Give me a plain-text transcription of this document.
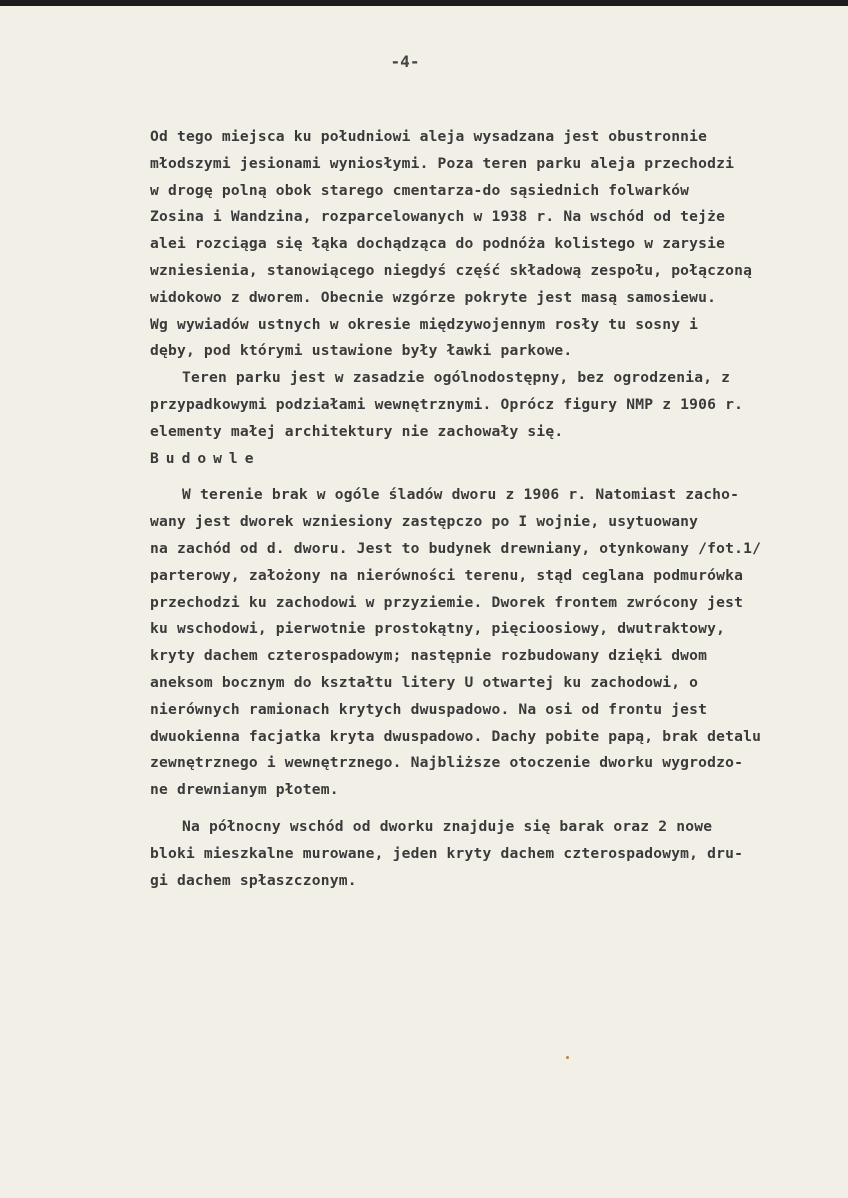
-4-
Od tego miejsca ku południowi aleja wysadzana jest obustronnie
młodszymi jesionami wyniosłymi. Poza teren parku aleja przechodzi
w drogę polną obok starego cmentarza-do sąsiednich folwarków
Zosina i Wandzina, rozparcelowanych w 1938 r. Na wschód od tejże
alei rozciąga się łąka dochądząca do podnóża kolistego w zarysie
wzniesienia, stanowiącego niegdyś część składową zespołu, połączoną
widokowo z dworem. Obecnie wzgórze pokryte jest masą samosiewu.
Wg wywiadów ustnych w okresie międzywojennym rosły tu sosny i
dęby, pod którymi ustawione były ławki parkowe.
Teren parku jest w zasadzie ogólnodostępny, bez ogrodzenia, z
przypadkowymi podziałami wewnętrznymi. Oprócz figury NMP z 1906 r.
elementy małej architektury nie zachowały się.
Budowle
W terenie brak w ogóle śladów dworu z 1906 r. Natomiast zacho-
wany jest dworek wzniesiony zastępczo po I wojnie, usytuowany
na zachód od d. dworu. Jest to budynek drewniany, otynkowany /fot.1/
parterowy, założony na nierówności terenu, stąd ceglana podmurówka
przechodzi ku zachodowi w przyziemie. Dworek frontem zwrócony jest
ku wschodowi, pierwotnie prostokątny, pięcioosiowy, dwutraktowy,
kryty dachem czterospadowym; następnie rozbudowany dzięki dwom
aneksom bocznym do kształtu litery U otwartej ku zachodowi, o
nierównych ramionach krytych dwuspadowo. Na osi od frontu jest
dwuokienna facjatka kryta dwuspadowo. Dachy pobite papą, brak detalu
zewnętrznego i wewnętrznego. Najbliższe otoczenie dworku wygrodzo-
ne drewnianym płotem.
Na północny wschód od dworku znajduje się barak oraz 2 nowe
bloki mieszkalne murowane, jeden kryty dachem czterospadowym, dru-
gi dachem spłaszczonym.
